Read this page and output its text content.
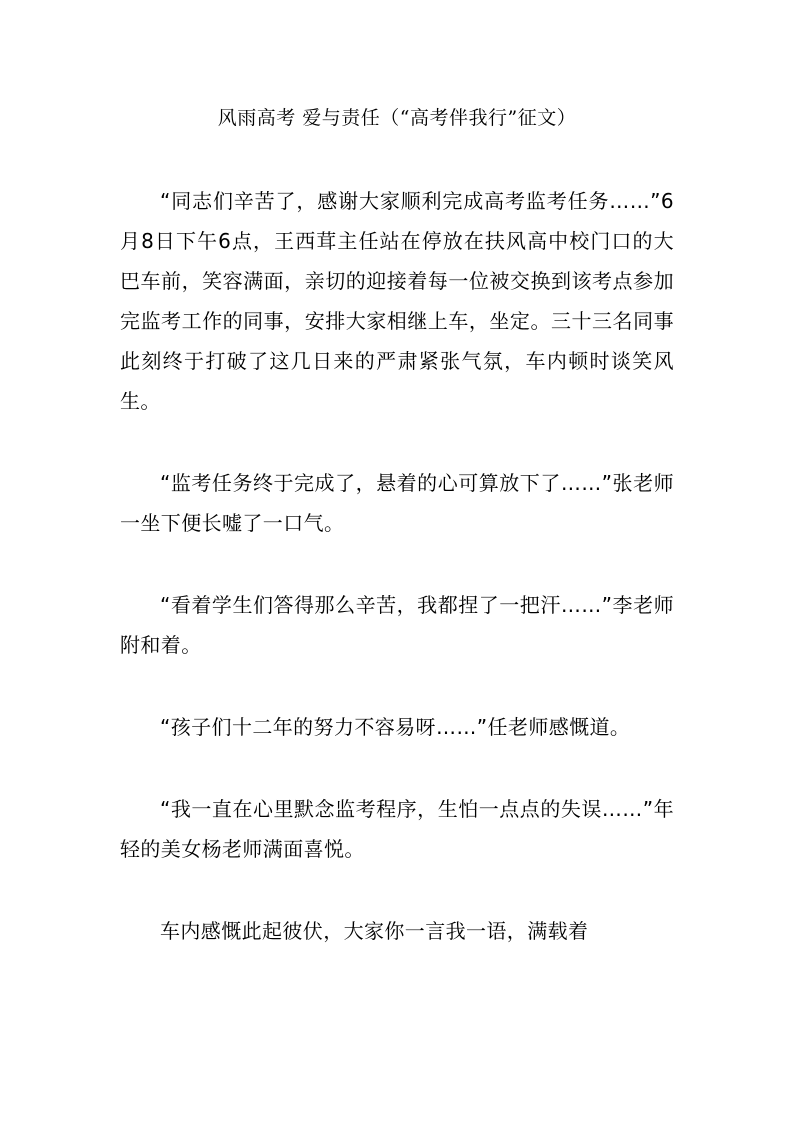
风雨高考 爱与责任（“高考伴我行”征文）

“同志们辛苦了，感谢大家顺利完成高考监考任务……”6月8日下午6点，王西茸主任站在停放在扶风高中校门口的大巴车前，笑容满面，亲切的迎接着每一位被交换到该考点参加完监考工作的同事，安排大家相继上车，坐定。三十三名同事此刻终于打破了这几日来的严肃紧张气氛，车内顿时谈笑风生。

“监考任务终于完成了，悬着的心可算放下了……”张老师一坐下便长嘘了一口气。

“看着学生们答得那么辛苦，我都捏了一把汗……”李老师附和着。

“孩子们十二年的努力不容易呀……”任老师感慨道。

“我一直在心里默念监考程序，生怕一点点的失误……”年轻的美女杨老师满面喜悦。

车内感慨此起彼伏，大家你一言我一语，满载着
